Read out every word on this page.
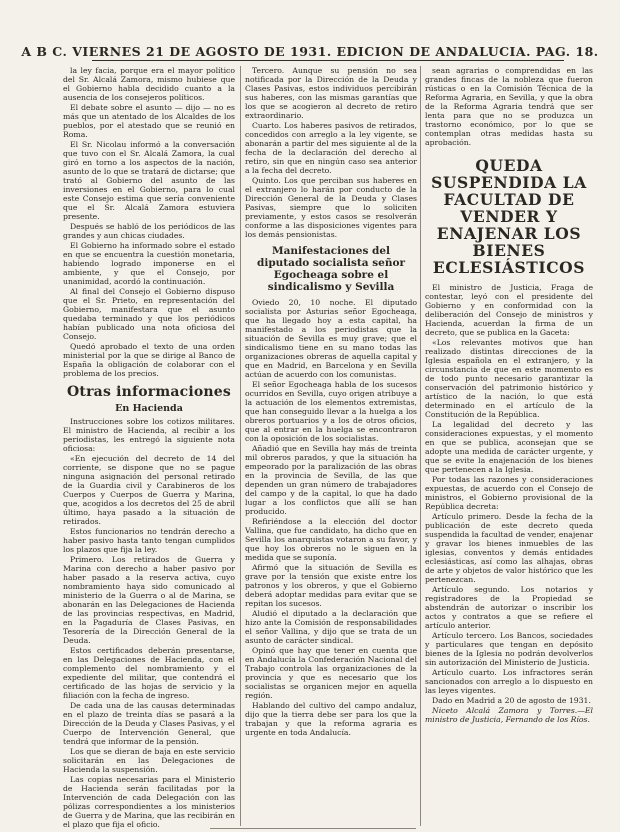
A B C. VIERNES 21 DE AGOSTO DE 1931. EDICION DE ANDALUCIA. PAG. 18.

la ley facia, porque era el mayor político del Sr. Alcalá Zamora, mismo hubiese que el Gobierno habla decidido cuanto a la ausencia de los consejeros políticos.

El debate sobre el asunto — dijo — no es más que un atentado de los Alcaldes de los pueblos, por el atestado que se reunió en Roma.

El Sr. Nicolau informó a la conversación que tuvo con el Sr. Alcalá Zamora, la cual giró en torno a los aspectos de la nación, asunto de lo que se tratará de dictarse; que trató al Gobierno del asunto de las inversiones en el Gobierno, para lo cual este Consejo estima que sería conveniente que el Sr. Alcalá Zamora estuviera presente.

Después se habló de los periódicos de las grandes y aun chicas ciudades.

El Gobierno ha informado sobre el estado en que se encuentra la cuestión monetaria, habiendo logrado imponerse en el ambiente, y que el Consejo, por unanimidad, acordó la continuación.

Al final del Consejo el Gobierno dispuso que el Sr. Prieto, en representación del Gobierno, manifestara que el asunto quedaba terminado y que los periódicos habían publicado una nota oficiosa del Consejo.

Quedó aprobado el texto de una orden ministerial por la que se dirige al Banco de España la obligación de colaborar con el problema de los precios.

Otras informaciones
En Hacienda

Instrucciones sobre los cotizos militares. El ministro de Hacienda, al recibir a los periodistas, les entregó la siguiente nota oficiosa:

«En ejecución del decreto de 14 del corriente, se dispone que no se pague ninguna asignación del personal retirado de la Guardia civil y Carabineros de los Cuerpos y Cuerpos de Guerra y Marina, que, acogidos a los decretos del 25 de abril último, haya pasado a la situación de retirados.

Estos funcionarios no tendrán derecho a haber pasivo hasta tanto tengan cumplidos los plazos que fija la ley.

Primero. Los retirados de Guerra y Marina con derecho a haber pasivo por haber pasado a la reserva activa, cuyo nombramiento haya sido comunicado al ministerio de la Guerra o al de Marina, se abonarán en las Delegaciones de Hacienda de las provincias respectivas, en Madrid, en la Pagaduría de Clases Pasivas, en Tesorería de la Dirección General de la Deuda.

Estos certificados deberán presentarse, en las Delegaciones de Hacienda, con el complemento del nombramiento y el expediente del militar, que contendrá el certificado de las hojas de servicio y la filiación con la fecha de ingreso.

De cada una de las causas determinadas en el plazo de treinta días se pasará a la Dirección de la Deuda y Clases Pasivas, y el Cuerpo de Intervención General, que tendrá que informar de la pensión.

Los que se dieran de baja en este servicio solicitarán en las Delegaciones de Hacienda la suspensión.

Las copias necesarias para el Ministerio de Hacienda serán facilitadas por la Intervención de cada Delegación con las pólizas correspondientes a los ministerios de Guerra y de Marina, que las recibirán en el plazo que fija el oficio.

Tercero. Aunque su pensión no sea notificada por la Dirección de la Deuda y Clases Pasivas, estos individuos percibirán sus haberes, con las mismas garantías que los que se acogieron al decreto de retiro extraordinario.

Cuarto. Los haberes pasivos de retirados, concedidos con arreglo a la ley vigente, se abonarán a partir del mes siguiente al de la fecha de la declaración del derecho al retiro, sin que en ningún caso sea anterior a la fecha del decreto.

Quinto. Los que perciban sus haberes en el extranjero lo harán por conducto de la Dirección General de la Deuda y Clases Pasivas, siempre que lo soliciten previamente, y estos casos se resolverán conforme a las disposiciones vigentes para los demás pensionistas.

Manifestaciones del diputado socialista señor Egocheaga sobre el sindicalismo y Sevilla

Oviedo 20, 10 noche. El diputado socialista por Asturias señor Egocheaga, que ha llegado hoy a esta capital, ha manifestado a los periodistas que la situación de Sevilla es muy grave; que el sindicalismo tiene en su mano todas las organizaciones obreras de aquella capital y que en Madrid, en Barcelona y en Sevilla actúan de acuerdo con los comunistas.

El señor Egocheaga habla de los sucesos ocurridos en Sevilla, cuyo origen atribuye a la actuación de los elementos extremistas, que han conseguido llevar a la huelga a los obreros portuarios y a los de otros oficios, que al entrar en la huelga se encontraron con la oposición de los socialistas.

Añadió que en Sevilla hay más de treinta mil obreros parados, y que la situación ha empeorado por la paralización de las obras en la provincia de Sevilla, de las que dependen un gran número de trabajadores del campo y de la capital, lo que ha dado lugar a los conflictos que allí se han producido.

Refiriéndose a la elección del doctor Vallina, que fue candidato, ha dicho que en Sevilla los anarquistas votaron a su favor, y que hoy los obreros no le siguen en la medida que se suponía.

Afirmó que la situación de Sevilla es grave por la tensión que existe entre los patronos y los obreros, y que el Gobierno deberá adoptar medidas para evitar que se repitan los sucesos.

Aludió el diputado a la declaración que hizo ante la Comisión de responsabilidades el señor Vallina, y dijo que se trata de un asunto de carácter sindical.

Opinó que hay que tener en cuenta que en Andalucía la Confederación Nacional del Trabajo controla las organizaciones de la provincia y que es necesario que los socialistas se organicen mejor en aquella región.

Hablando del cultivo del campo andaluz, dijo que la tierra debe ser para los que la trabajan y que la reforma agraria es urgente en toda Andalucía.

sean agrarias o comprendidas en las grandes fincas de la nobleza que fueron rústicas o en la Comisión Técnica de la Reforma Agraria, en Sevilla, y que la obra de la Reforma Agraria tendrá que ser lenta para que no se produzca un trastorno económico, por lo que se contemplan otras medidas hasta su aprobación.

QUEDA SUSPENDIDA LA FACULTAD DE VENDER Y ENAJENAR LOS BIENES ECLESIÁSTICOS

El ministro de Justicia, Fraga de contestar, leyó con el presidente del Gobierno y en conformidad con la deliberación del Consejo de ministros y Hacienda, acuerdan la firma de un decreto, que se publica en la Gaceta:

«Los relevantes motivos que han realizado distintas direcciones de la Iglesia española en el extranjero, y la circunstancia de que en este momento es de todo punto necesario garantizar la conservación del patrimonio histórico y artístico de la nación, lo que está determinado en el artículo de la Constitución de la República.

La legalidad del decreto y las consideraciones expuestas, y el momento en que se publica, aconsejan que se adopte una medida de carácter urgente, y que se evite la enajenación de los bienes que pertenecen a la Iglesia.

Por todas las razones y consideraciones expuestas, de acuerdo con el Consejo de ministros, el Gobierno provisional de la República decreta:

Artículo primero. Desde la fecha de la publicación de este decreto queda suspendida la facultad de vender, enajenar y gravar los bienes inmuebles de las iglesias, conventos y demás entidades eclesiásticas, así como las alhajas, obras de arte y objetos de valor histórico que les pertenezcan.

Artículo segundo. Los notarios y registradores de la Propiedad se abstendrán de autorizar o inscribir los actos y contratos a que se refiere el artículo anterior.

Artículo tercero. Los Bancos, sociedades y particulares que tengan en depósito bienes de la Iglesia no podrán devolverlos sin autorización del Ministerio de Justicia.

Artículo cuarto. Los infractores serán sancionados con arreglo a lo dispuesto en las leyes vigentes.

Dado en Madrid a 20 de agosto de 1931.

Niceto Alcalá Zamora y Torres.—El ministro de Justicia, Fernando de los Ríos.
